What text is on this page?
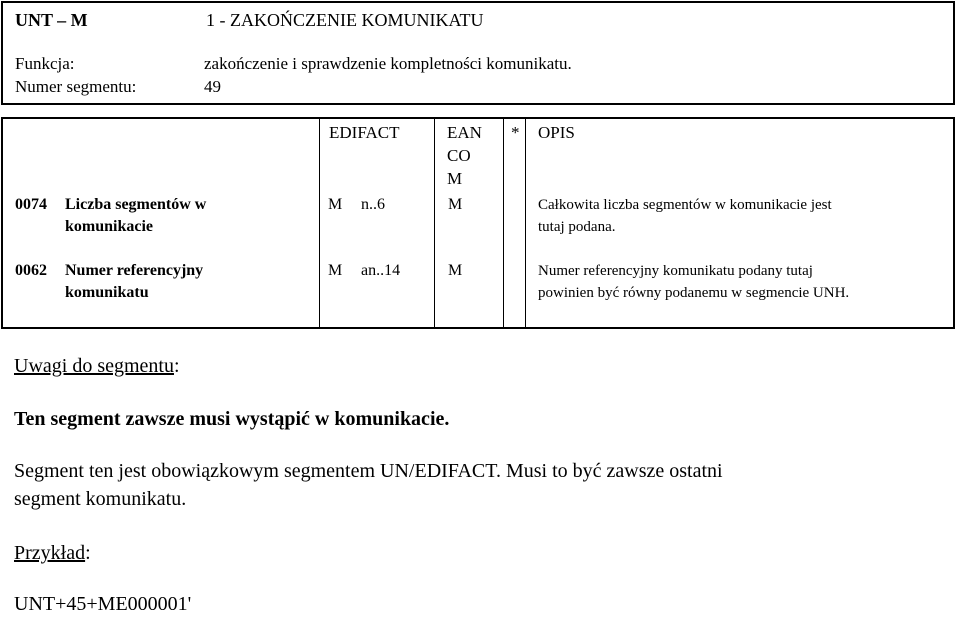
UNT – M	1 - ZAKOŃCZENIE KOMUNIKATU
Funkcja:	zakończenie i sprawdzenie kompletności komunikatu.
Numer segmentu:	49
EDIFACT	EAN
CO
M
* OPIS
0074 Liczba segmentów w
komunikacie
M n..6	M	Całkowita liczba segmentów w komunikacie jest
tutaj podana.
0062 Numer referencyjny
komunikatu
M an..14	M	Numer referencyjny komunikatu podany tutaj
powinien być równy podanemu w segmencie UNH.
Uwagi do segmentu:
Ten segment zawsze musi wystąpić w komunikacie.
Segment ten jest obowiązkowym segmentem UN/EDIFACT. Musi to być zawsze ostatni
segment komunikatu.
Przykład:
UNT+45+ME000001'
